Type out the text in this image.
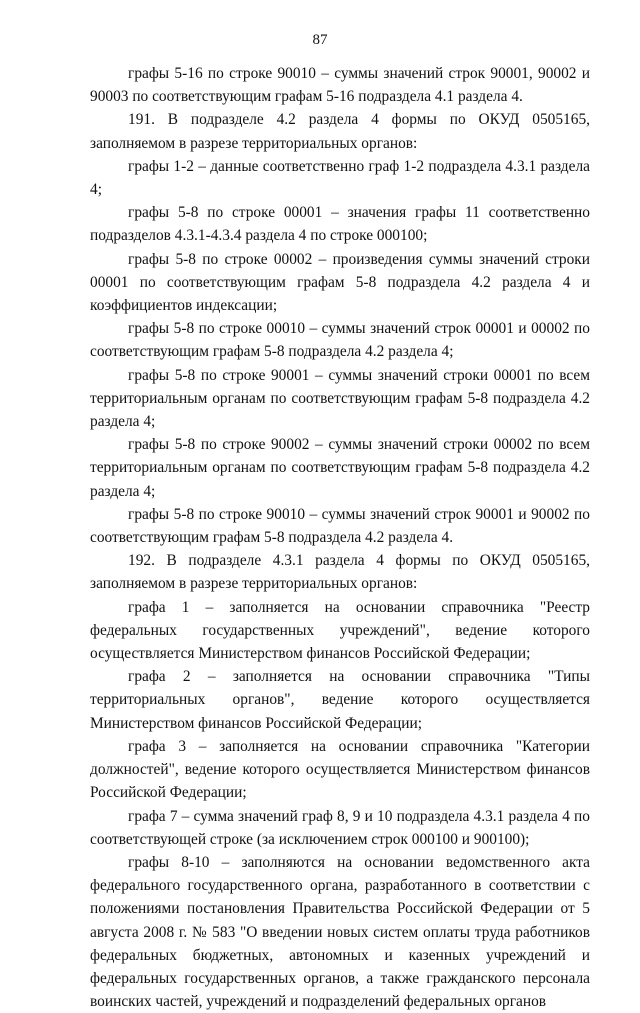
87

графы 5-16 по строке 90010 – суммы значений строк 90001, 90002 и 90003 по соответствующим графам 5-16 подраздела 4.1 раздела 4.

191. В подразделе 4.2 раздела 4 формы по ОКУД 0505165, заполняемом в разрезе территориальных органов:

графы 1-2 – данные соответственно граф 1-2 подраздела 4.3.1 раздела 4;

графы 5-8 по строке 00001 – значения графы 11 соответственно подразделов 4.3.1-4.3.4 раздела 4 по строке 000100;

графы 5-8 по строке 00002 – произведения суммы значений строки 00001 по соответствующим графам 5-8 подраздела 4.2 раздела 4 и коэффициентов индексации;

графы 5-8 по строке 00010 – суммы значений строк 00001 и 00002 по соответствующим графам 5-8 подраздела 4.2 раздела 4;

графы 5-8 по строке 90001 – суммы значений строки 00001 по всем территориальным органам по соответствующим графам 5-8 подраздела 4.2 раздела 4;

графы 5-8 по строке 90002 – суммы значений строки 00002 по всем территориальным органам по соответствующим графам 5-8 подраздела 4.2 раздела 4;

графы 5-8 по строке 90010 – суммы значений строк 90001 и 90002 по соответствующим графам 5-8 подраздела 4.2 раздела 4.

192. В подразделе 4.3.1 раздела 4 формы по ОКУД 0505165, заполняемом в разрезе территориальных органов:

графа 1 – заполняется на основании справочника "Реестр федеральных государственных учреждений", ведение которого осуществляется Министерством финансов Российской Федерации;

графа 2 – заполняется на основании справочника "Типы территориальных органов", ведение которого осуществляется Министерством финансов Российской Федерации;

графа 3 – заполняется на основании справочника "Категории должностей", ведение которого осуществляется Министерством финансов Российской Федерации;

графа 7 – сумма значений граф 8, 9 и 10 подраздела 4.3.1 раздела 4 по соответствующей строке (за исключением строк 000100 и 900100);

графы 8-10 – заполняются на основании ведомственного акта федерального государственного органа, разработанного в соответствии с положениями постановления Правительства Российской Федерации от 5 августа 2008 г. № 583 "О введении новых систем оплаты труда работников федеральных бюджетных, автономных и казенных учреждений и федеральных государственных органов, а также гражданского персонала воинских частей, учреждений и подразделений федеральных органов
